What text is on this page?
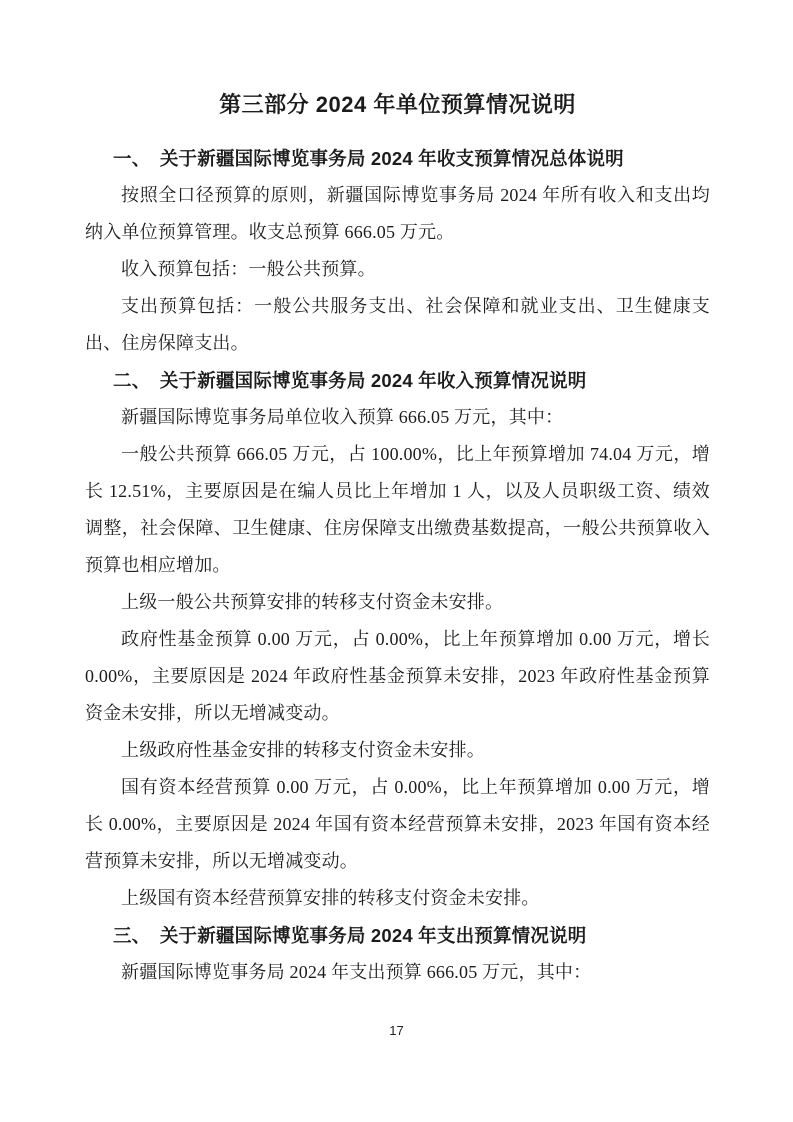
第三部分 2024 年单位预算情况说明
一、　关于新疆国际博览事务局 2024 年收支预算情况总体说明

按照全口径预算的原则，新疆国际博览事务局 2024 年所有收入和支出均纳入单位预算管理。收支总预算 666.05 万元。

收入预算包括：一般公共预算。

支出预算包括：一般公共服务支出、社会保障和就业支出、卫生健康支出、住房保障支出。

二、　关于新疆国际博览事务局 2024 年收入预算情况说明

新疆国际博览事务局单位收入预算 666.05 万元，其中：

一般公共预算 666.05 万元，占 100.00%，比上年预算增加 74.04 万元，增长 12.51%，主要原因是在编人员比上年增加 1 人，以及人员职级工资、绩效调整，社会保障、卫生健康、住房保障支出缴费基数提高，一般公共预算收入预算也相应增加。

上级一般公共预算安排的转移支付资金未安排。

政府性基金预算 0.00 万元，占 0.00%，比上年预算增加 0.00 万元，增长 0.00%，主要原因是 2024 年政府性基金预算未安排，2023 年政府性基金预算资金未安排，所以无增减变动。

上级政府性基金安排的转移支付资金未安排。

国有资本经营预算 0.00 万元，占 0.00%，比上年预算增加 0.00 万元，增长 0.00%，主要原因是 2024 年国有资本经营预算未安排，2023 年国有资本经营预算未安排，所以无增减变动。

上级国有资本经营预算安排的转移支付资金未安排。

三、　关于新疆国际博览事务局 2024 年支出预算情况说明

新疆国际博览事务局 2024 年支出预算 666.05 万元，其中：

17
